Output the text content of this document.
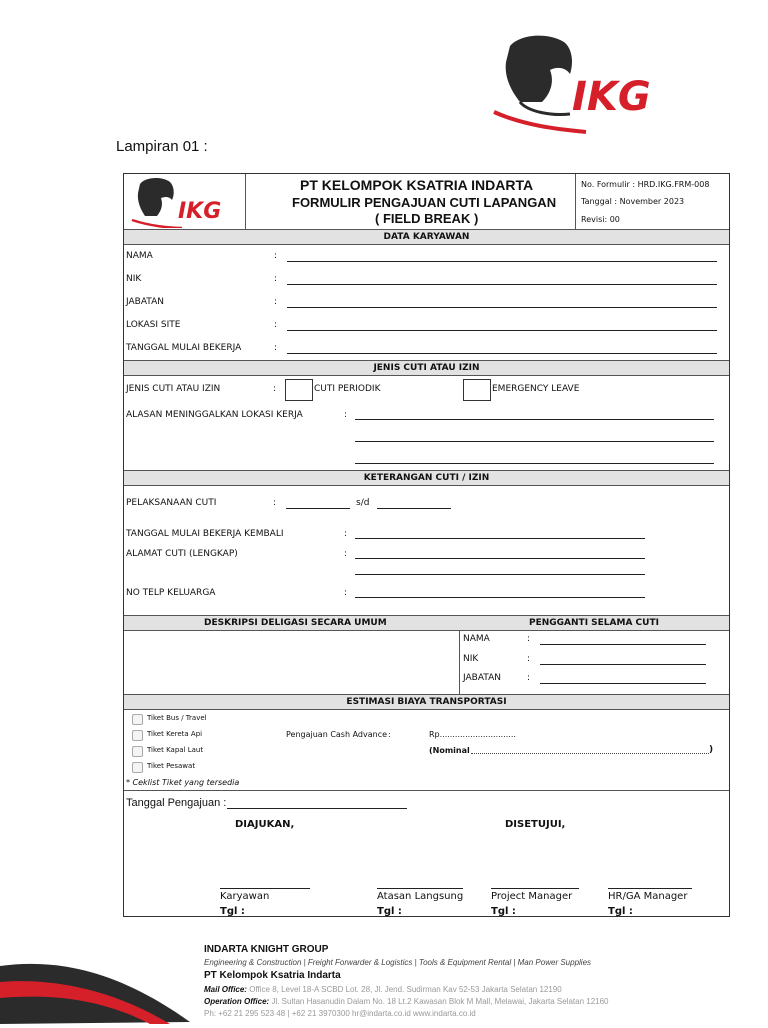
IKG
Lampiran 01 :
IKG
PT KELOMPOK KSATRIA INDARTA
FORMULIR PENGAJUAN CUTI LAPANGAN
( FIELD BREAK )
No. Formulir : HRD.IKG.FRM-008
Tanggal : November 2023
Revisi: 00
DATA KARYAWAN
NAMA	:
NIK	:
JABATAN	:
LOKASI SITE	:
TANGGAL MULAI BEKERJA	:
JENIS CUTI ATAU IZIN
JENIS CUTI ATAU IZIN	:	CUTI PERIODIK	EMERGENCY LEAVE
ALASAN MENINGGALKAN LOKASI KERJA	:
KETERANGAN CUTI / IZIN
PELAKSANAAN CUTI	:	s/d
TANGGAL MULAI BEKERJA KEMBALI	:
ALAMAT CUTI (LENGKAP)	:
NO TELP KELUARGA	:
DESKRIPSI DELIGASI SECARA UMUM	PENGGANTI SELAMA CUTI
NAMA	:
NIK	:
JABATAN	:
ESTIMASI BIAYA TRANSPORTASI
Tiket Bus / Travel
Tiket Kereta Api
Tiket Kapal Laut
Tiket Pesawat
* Ceklist Tiket yang tersedia
Pengajuan Cash Advance :	Rp..............................
(Nominal	)
Tanggal Pengajuan :
DIAJUKAN,	DISETUJUI,
Karyawan
Tgl :
Atasan Langsung
Tgl :
Project Manager
Tgl :
HR/GA Manager
Tgl :
INDARTA KNIGHT GROUP
Engineering & Construction | Freight Forwarder & Logistics | Tools & Equipment Rental | Man Power Supplies
PT Kelompok Ksatria Indarta
Mail Office: Office 8, Level 18-A SCBD Lot. 28, Jl. Jend. Sudirman Kav 52-53 Jakarta Selatan 12190
Operation Office: Jl. Sultan Hasanudin Dalam No. 18 Lt.2 Kawasan Blok M Mall, Melawai, Jakarta Selatan 12160
Ph: +62 21 295 523 48 | +62 21 3970300 hr@indarta.co.id www.indarta.co.id
